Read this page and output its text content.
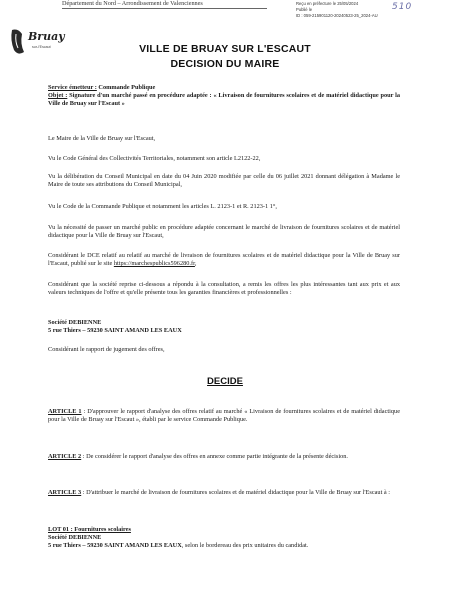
Département du Nord – Arrondissement de Valenciennes	Reçu en préfecture le 25/05/2024
Publié le
ID : 059-215901120-20240523-25_2024-AU
510
Bruay
sur-l'Escaut	VILLE DE BRUAY SUR L'ESCAUT
DECISION DU MAIRE
Service émetteur : Commande Publique
Objet : Signature d'un marché passé en procédure adaptée : « Livraison de fournitures scolaires et de matériel didactique pour la Ville de Bruay sur l'Escaut »
Le Maire de la Ville de Bruay sur l'Escaut,
Vu le Code Général des Collectivités Territoriales, notamment son article L2122-22,
Vu la délibération du Conseil Municipal en date du 04 Juin 2020 modifiée par celle du 06 juillet 2021 donnant délégation à Madame le Maire de toute ses attributions du Conseil Municipal,
Vu le Code de la Commande Publique et notamment les articles L. 2123-1 et R. 2123-1 1°,
Vu la nécessité de passer un marché public en procédure adaptée concernant le marché de livraison de fournitures scolaires et de matériel didactique pour la Ville de Bruay sur l'Escaut,
Considérant le DCE relatif au relatif au marché de livraison de fournitures scolaires et de matériel didactique pour la Ville de Bruay sur l'Escaut, publié sur le site https://marchespublics596280.fr,
Considérant que la société reprise ci-dessous a répondu à la consultation, a remis les offres les plus intéressantes tant aux prix et aux valeurs techniques de l'offre et qu'elle présente tous les garanties financières et professionnelles :
Société DEBIENNE
5 rue Thiers – 59230 SAINT AMAND LES EAUX
Considérant le rapport de jugement des offres,
DECIDE
ARTICLE 1 : D'approuver le rapport d'analyse des offres relatif au marché « Livraison de fournitures scolaires et de matériel didactique pour la Ville de Bruay sur l'Escaut », établi par le service Commande Publique.
ARTICLE 2 : De considérer le rapport d'analyse des offres en annexe comme partie intégrante de la présente décision.
ARTICLE 3 : D'attribuer le marché de livraison de fournitures scolaires et de matériel didactique pour la Ville de Bruay sur l'Escaut à :
LOT 01 : Fournitures scolaires
Société DEBIENNE
5 rue Thiers – 59230 SAINT AMAND LES EAUX, selon le bordereau des prix unitaires du candidat.
